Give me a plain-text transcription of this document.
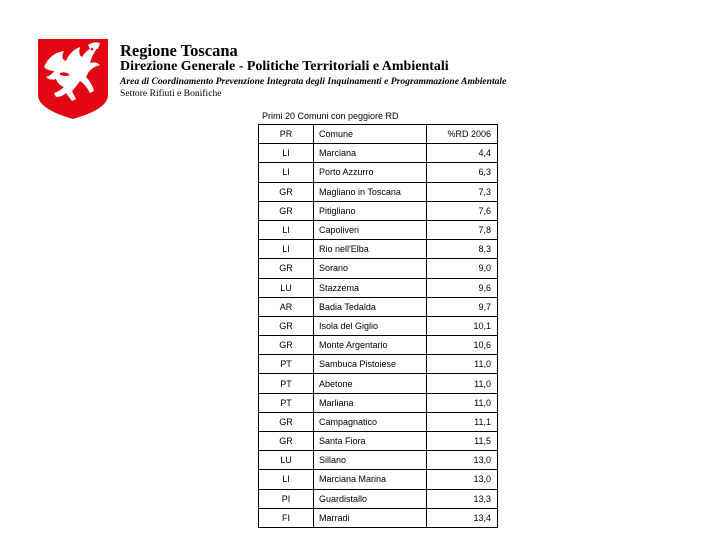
Regione Toscana

Direzione Generale - Politiche Territoriali e Ambientali

Area di Coordinamento Prevenzione Integrata degli Inquinamenti e Programmazione Ambientale

Settore Rifiuti e Bonifiche

Primi 20 Comuni con peggiore RD

PR	Comune	%RD 2006
LI	Marciana	4,4
LI	Porto Azzurro	6,3
GR	Magliano in Toscana	7,3
GR	Pitigliano	7,6
LI	Capoliveri	7,8
LI	Rio nell'Elba	8,3
GR	Sorano	9,0
LU	Stazzema	9,6
AR	Badia Tedalda	9,7
GR	Isola del Giglio	10,1
GR	Monte Argentario	10,6
PT	Sambuca Pistoiese	11,0
PT	Abetone	11,0
PT	Marliana	11,0
GR	Campagnatico	11,1
GR	Santa Fiora	11,5
LU	Sillano	13,0
LI	Marciana Marina	13,0
PI	Guardistallo	13,3
FI	Marradi	13,4
